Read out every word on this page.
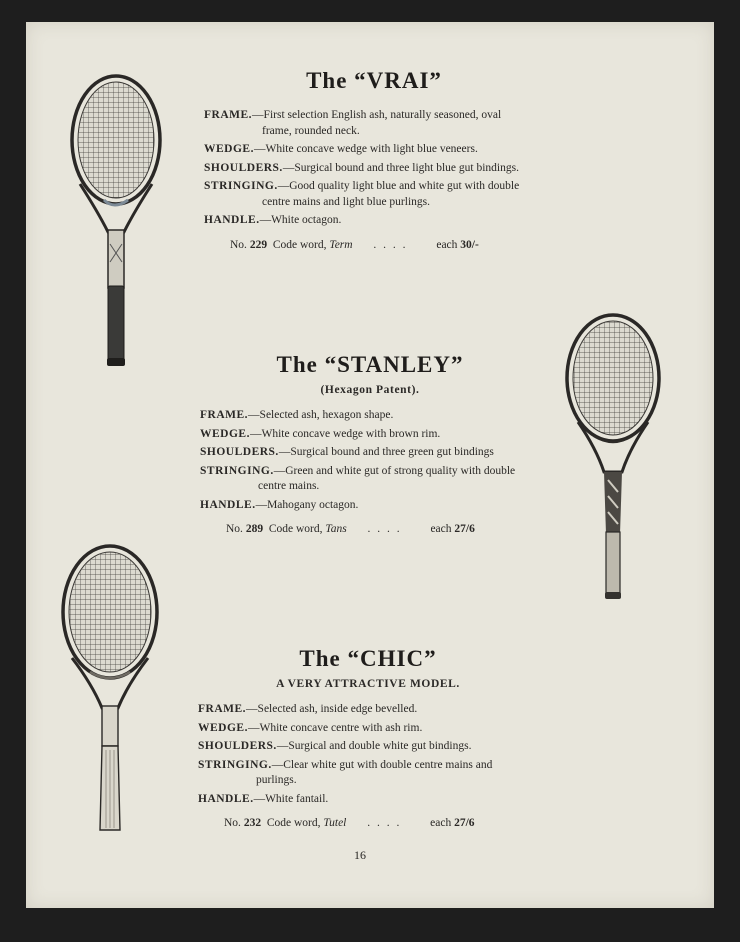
The “VRAI”
FRAME.—First selection English ash, naturally seasoned, oval
frame, rounded neck.
WEDGE.—White concave wedge with light blue veneers.
SHOULDERS.—Surgical bound and three light blue gut bindings.
STRINGING.—Good quality light blue and white gut with double
centre mains and light blue purlings.
HANDLE.—White octagon.
No. 229 Code word, Term . . . .	each 30/-
The “STANLEY”
(Hexagon Patent).
FRAME.—Selected ash, hexagon shape.
WEDGE.—White concave wedge with brown rim.
SHOULDERS.—Surgical bound and three green gut bindings
STRINGING.—Green and white gut of strong quality with double
centre mains.
HANDLE.—Mahogany octagon.
No. 289 Code word, Tans . . . .	each 27/6
The “CHIC”
A VERY ATTRACTIVE MODEL.
FRAME.—Selected ash, inside edge bevelled.
WEDGE.—White concave centre with ash rim.
SHOULDERS.—Surgical and double white gut bindings.
STRINGING.—Clear white gut with double centre mains and
purlings.
HANDLE.—White fantail.
No. 232 Code word, Tutel . . . .	each 27/6
16
